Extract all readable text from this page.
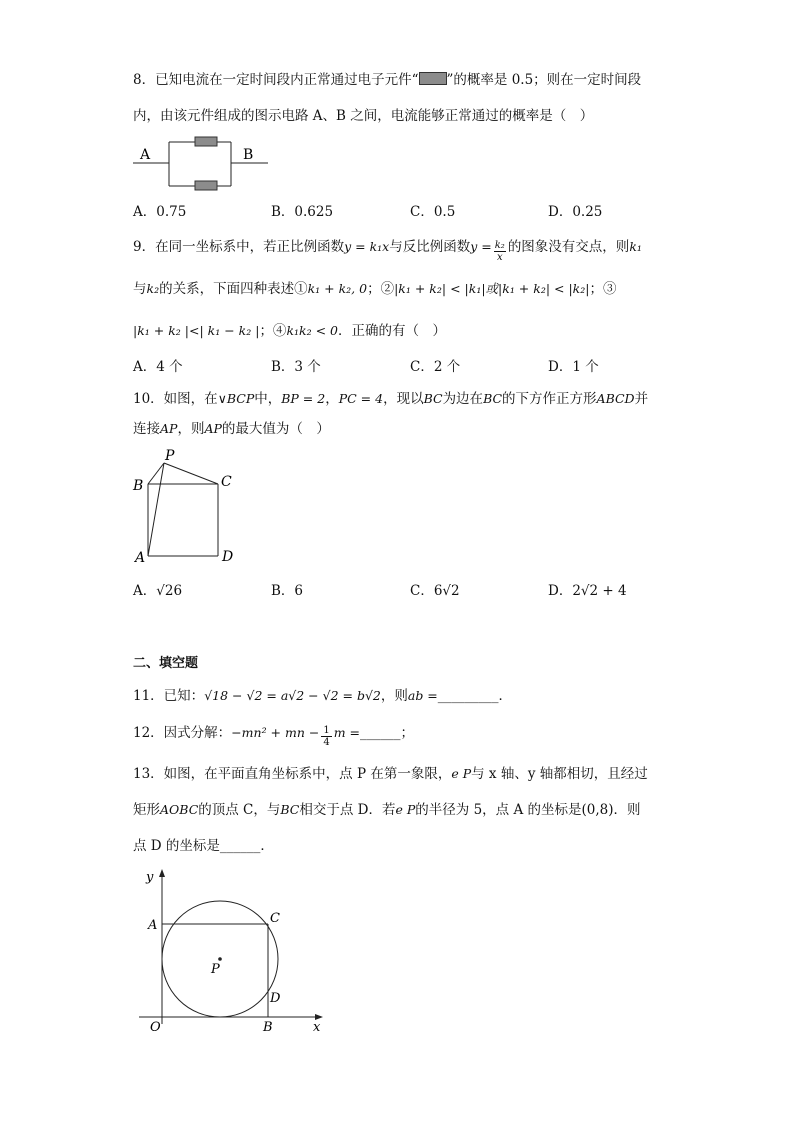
8．已知电流在一定时间段内正常通过电子元件“ ”的概率是 0.5；则在一定时间段
内，由该元件组成的图示电路 A、B 之间，电流能够正常通过的概率是（　）
A	B
A．0.75	B．0.625	C．0.5	D．0.25
9．在同一坐标系中，若正比例函数y = k₁x与反比例函数$y = \frac{\text{k₂}}{x}$ 的图象没有交点，则k₁
与k₂的关系，下面四种表述①k₁ + k₂, 0；②|k₁ + k₂| < |k₁|或|k₁ + k₂| < |k₂|；③
|k₁ + k₂ |<| k₁ − k₂ |；④k₁k₂ < 0．正确的有（　）
A．4 个	B．3 个	C．2 个	D．1 个
10．如图，在∨BCP中，BP = 2，PC = 4，现以BC为边在BC的下方作正方形ABCD并
连接AP，则AP的最大值为（　）
P
B	C
A	D
A．√26	B．6	C．6√2	D．2√2 + 4
二、填空题
11．已知：√18 − √2 = a√2 − √2 = b√2，则ab =_________．
12．因式分解：−mn² + mn − $\frac{1}{4}$ m =______；
13．如图，在平面直角坐标系中，点 P 在第一象限，e P与 x 轴、y 轴都相切，且经过
矩形AOBC的顶点 C，与BC相交于点 D．若e P的半径为 5，点 A 的坐标是(0,8)．则
点 D 的坐标是______．
y
x
A	C
P
D
O	B
